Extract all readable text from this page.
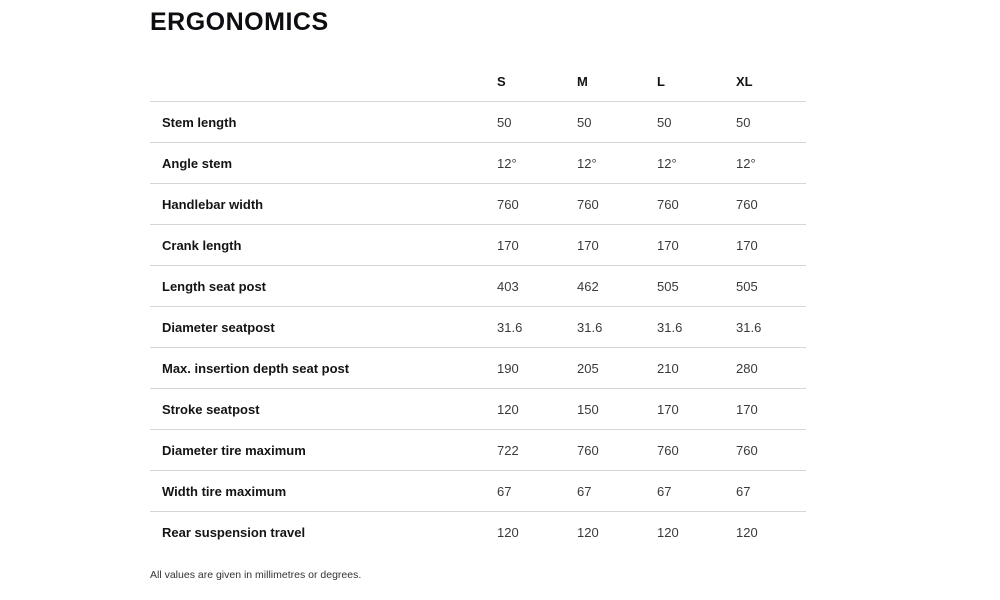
ERGONOMICS
S	M	L	XL
Stem length	50	50	50	50
Angle stem	12°	12°	12°	12°
Handlebar width	760	760	760	760
Crank length	170	170	170	170
Length seat post	403	462	505	505
Diameter seatpost	31.6	31.6	31.6	31.6
Max. insertion depth seat post	190	205	210	280
Stroke seatpost	120	150	170	170
Diameter tire maximum	722	760	760	760
Width tire maximum	67	67	67	67
Rear suspension travel	120	120	120	120

All values are given in millimetres or degrees.
